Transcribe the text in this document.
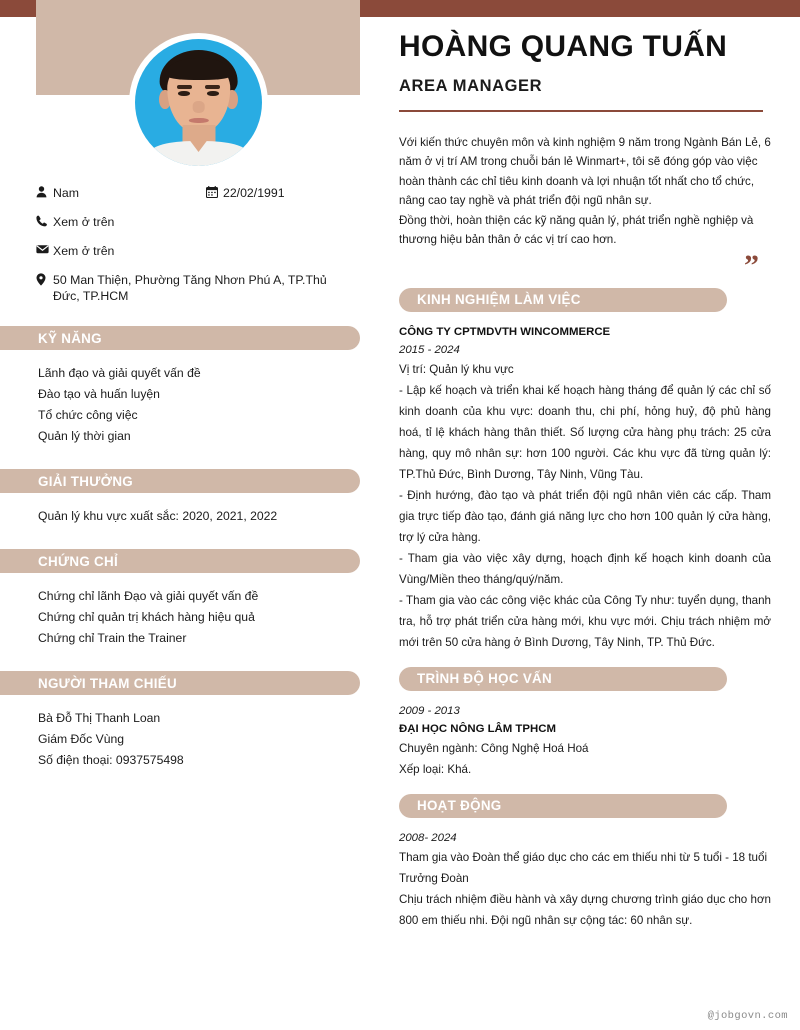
Nam	22/02/1991
Xem ở trên
Xem ở trên
50 Man Thiện, Phường Tăng Nhơn Phú A, TP.Thủ Đức, TP.HCM
KỸ NĂNG
Lãnh đạo và giải quyết vấn đề
Đào tạo và huấn luyện
Tổ chức công việc
Quản lý thời gian
GIẢI THƯỞNG
Quản lý khu vực xuất sắc: 2020, 2021, 2022
CHỨNG CHỈ
Chứng chỉ lãnh Đạo và giải quyết vấn đề
Chứng chỉ quản trị khách hàng hiệu quả
Chứng chỉ Train the Trainer
NGƯỜI THAM CHIẾU
Bà Đỗ Thị Thanh Loan
Giám Đốc Vùng
Số điện thoại: 0937575498
HOÀNG QUANG TUẤN
AREA MANAGER

Với kiến thức chuyên môn và kinh nghiệm 9 năm trong Ngành Bán Lẻ, 6 năm ở vị trí AM trong chuỗi bán lẻ Winmart+, tôi sẽ đóng góp vào việc hoàn thành các chỉ tiêu kinh doanh và lợi nhuận tốt nhất cho tổ chức, nâng cao tay nghề và phát triển đội ngũ nhân sự.

Đồng thời, hoàn thiện các kỹ năng quản lý, phát triển nghề nghiệp và thương hiệu bản thân ở các vị trí cao hơn.

”
KINH NGHIỆM LÀM VIỆC
CÔNG TY CPTMDVTH WINCOMMERCE
2015 - 2024
Vị trí: Quản lý khu vực
- Lập kế hoạch và triển khai kế hoạch hàng tháng để quản lý các chỉ số kinh doanh của khu vực: doanh thu, chi phí, hỏng huỷ, độ phủ hàng hoá, tỉ lệ khách hàng thân thiết. Số lượng cửa hàng phụ trách: 25 cửa hàng, quy mô nhân sự: hơn 100 người. Các khu vực đã từng quản lý: TP.Thủ Đức, Bình Dương, Tây Ninh, Vũng Tàu.
- Định hướng, đào tạo và phát triển đội ngũ nhân viên các cấp. Tham gia trực tiếp đào tạo, đánh giá năng lực cho hơn 100 quản lý cửa hàng, trợ lý cửa hàng.
- Tham gia vào việc xây dựng, hoạch định kế hoạch kinh doanh của Vùng/Miền theo tháng/quý/năm.
- Tham gia vào các công việc khác của Công Ty như: tuyển dụng, thanh tra, hỗ trợ phát triển cửa hàng mới, khu vực mới. Chịu trách nhiệm mở mới trên 50 cửa hàng ở Bình Dương, Tây Ninh, TP. Thủ Đức.
TRÌNH ĐỘ HỌC VẤN
2009 - 2013
ĐẠI HỌC NÔNG LÂM TPHCM
Chuyên ngành: Công Nghệ Hoá Hoá
Xếp loại: Khá.
HOẠT ĐỘNG
2008- 2024
Tham gia vào Đoàn thể giáo dục cho các em thiếu nhi từ 5 tuổi - 18 tuổi
Trưởng Đoàn
Chịu trách nhiệm điều hành và xây dựng chương trình giáo dục cho hơn 800 em thiếu nhi. Đội ngũ nhân sự cộng tác: 60 nhân sự.
@jobgovn.com
